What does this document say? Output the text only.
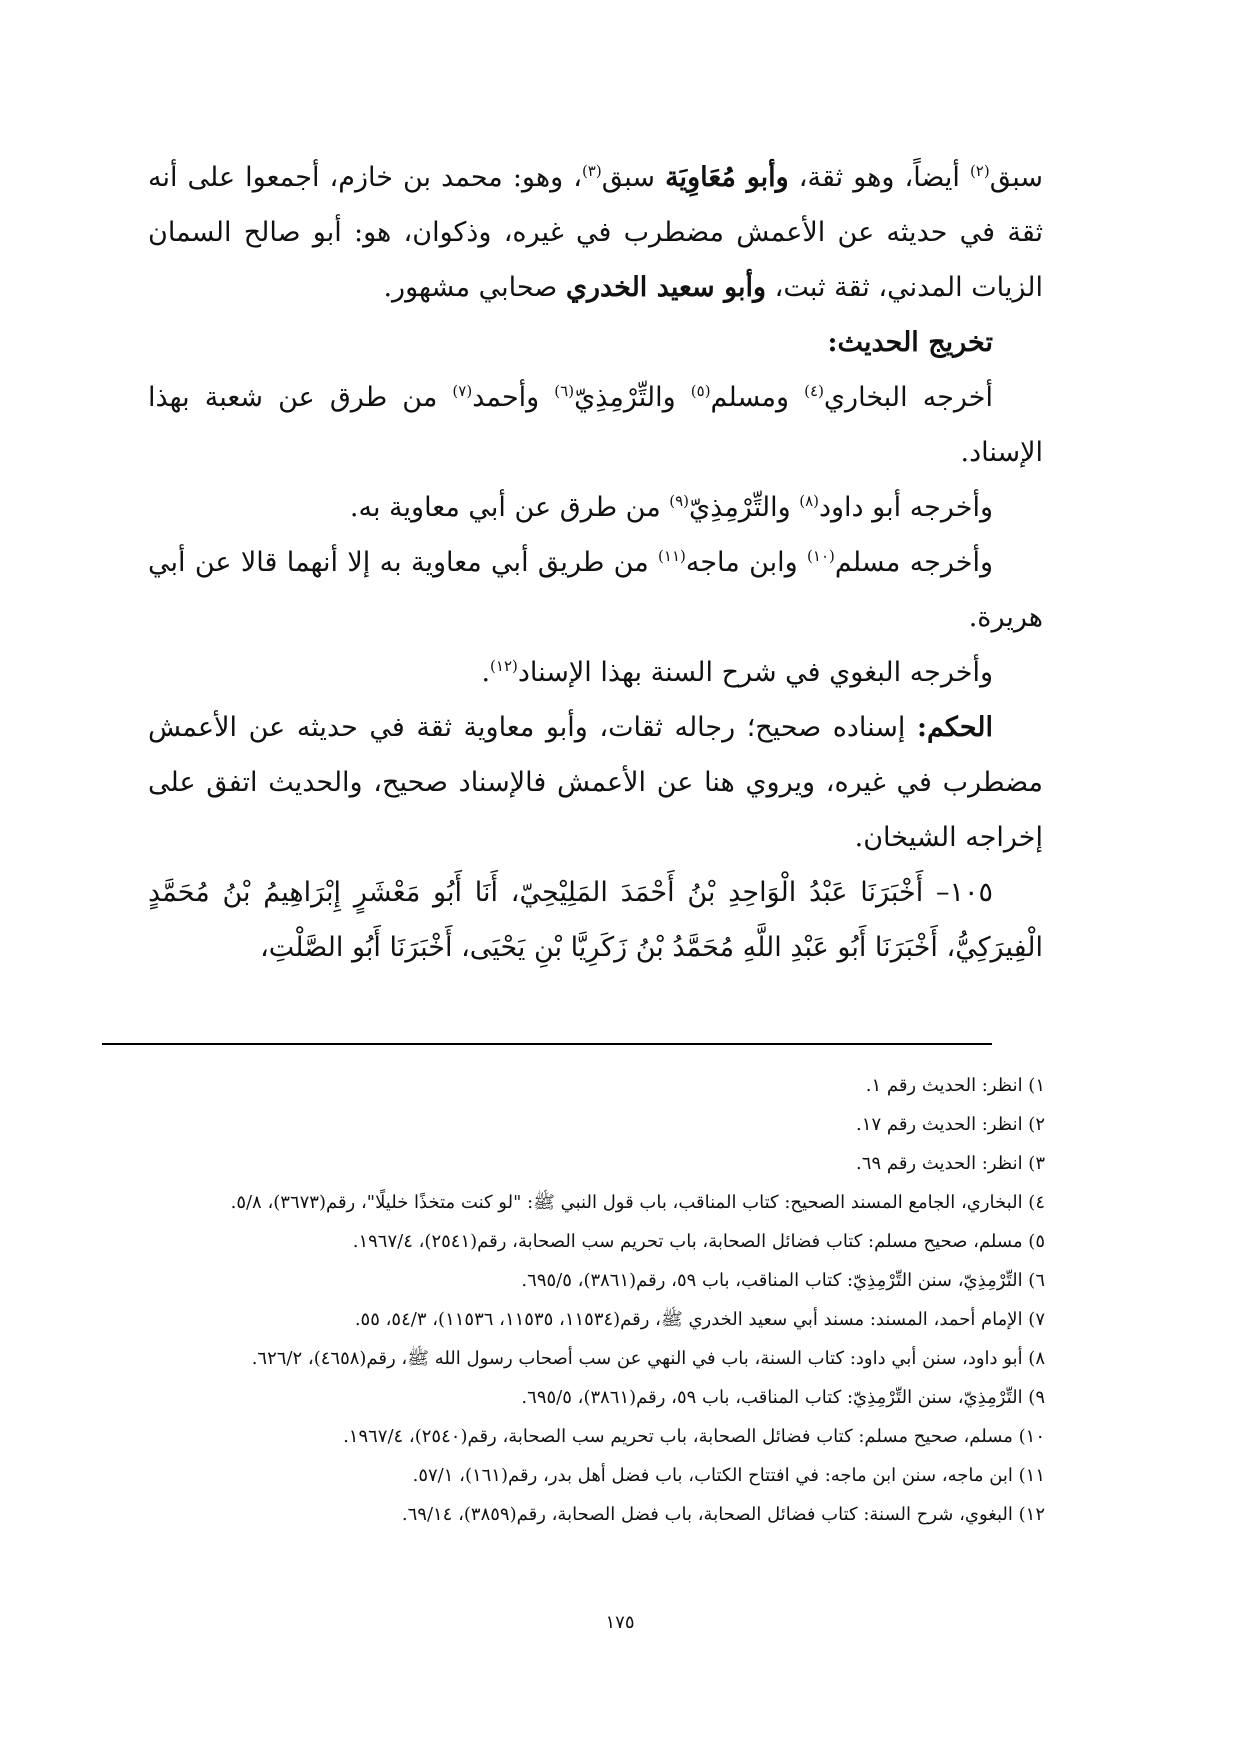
سبق$^{(٢)}$ أيضاً، وهو ثقة، وأبو مُعَاوِيَة سبق$^{(٣)}$، وهو: محمد بن خازم، أجمعوا على أنه ثقة في حديثه عن الأعمش مضطرب في غيره، وذكوان، هو: أبو صالح السمان الزيات المدني، ثقة ثبت، وأبو سعيد الخدري صحابي مشهور.

تخريج الحديث:

أخرجه البخاري$^{(٤)}$ ومسلم$^{(٥)}$ والتِّرْمِذِيّ$^{(٦)}$ وأحمد$^{(٧)}$ من طرق عن شعبة بهذا الإسناد.

وأخرجه أبو داود$^{(٨)}$ والتِّرْمِذِيّ$^{(٩)}$ من طرق عن أبي معاوية به.

وأخرجه مسلم$^{(١٠)}$ وابن ماجه$^{(١١)}$ من طريق أبي معاوية به إلا أنهما قالا عن أبي هريرة.

وأخرجه البغوي في شرح السنة بهذا الإسناد$^{(١٢)}$.

الحكم: إسناده صحيح؛ رجاله ثقات، وأبو معاوية ثقة في حديثه عن الأعمش مضطرب في غيره، ويروي هنا عن الأعمش فالإسناد صحيح، والحديث اتفق على إخراجه الشيخان.

١٠٥– أَخْبَرَنَا عَبْدُ الْوَاحِدِ بْنُ أَحْمَدَ المَلِيْحِيّ، أَنَا أَبُو مَعْشَرٍ إِبْرَاهِيمُ بْنُ مُحَمَّدٍ الْفِيرَكِيُّ، أَخْبَرَنَا أَبُو عَبْدِ اللَّهِ مُحَمَّدُ بْنُ زَكَرِيَّا بْنِ يَحْيَى، أَخْبَرَنَا أَبُو الصَّلْتِ،

١) انظر: الحديث رقم ١.

٢) انظر: الحديث رقم ١٧.

٣) انظر: الحديث رقم ٦٩.

٤) البخاري، الجامع المسند الصحيح: كتاب المناقب، باب قول النبي ﷺ: "لو كنت متخذًا خليلًا"، رقم(٣٦٧٣)، ٥/٨.

٥) مسلم، صحيح مسلم: كتاب فضائل الصحابة، باب تحريم سب الصحابة، رقم(٢٥٤١)، ١٩٦٧/٤.

٦) التِّرْمِذِيّ، سنن التِّرْمِذِيّ: كتاب المناقب، باب ٥٩، رقم(٣٨٦١)، ٦٩٥/٥.

٧) الإمام أحمد، المسند: مسند أبي سعيد الخدري ﷺ، رقم(١١٥٣٤، ١١٥٣٥، ١١٥٣٦)، ٥٤/٣، ٥٥.

٨) أبو داود، سنن أبي داود: كتاب السنة، باب في النهي عن سب أصحاب رسول الله ﷺ، رقم(٤٦٥٨)، ٦٢٦/٢.

٩) التِّرْمِذِيّ، سنن التِّرْمِذِيّ: كتاب المناقب، باب ٥٩، رقم(٣٨٦١)، ٦٩٥/٥.

١٠) مسلم، صحيح مسلم: كتاب فضائل الصحابة، باب تحريم سب الصحابة، رقم(٢٥٤٠)، ١٩٦٧/٤.

١١) ابن ماجه، سنن ابن ماجه: في افتتاح الكتاب، باب فضل أهل بدر، رقم(١٦١)، ٥٧/١.

١٢) البغوي، شرح السنة: كتاب فضائل الصحابة، باب فضل الصحابة، رقم(٣٨٥٩)، ٦٩/١٤.

١٧٥
